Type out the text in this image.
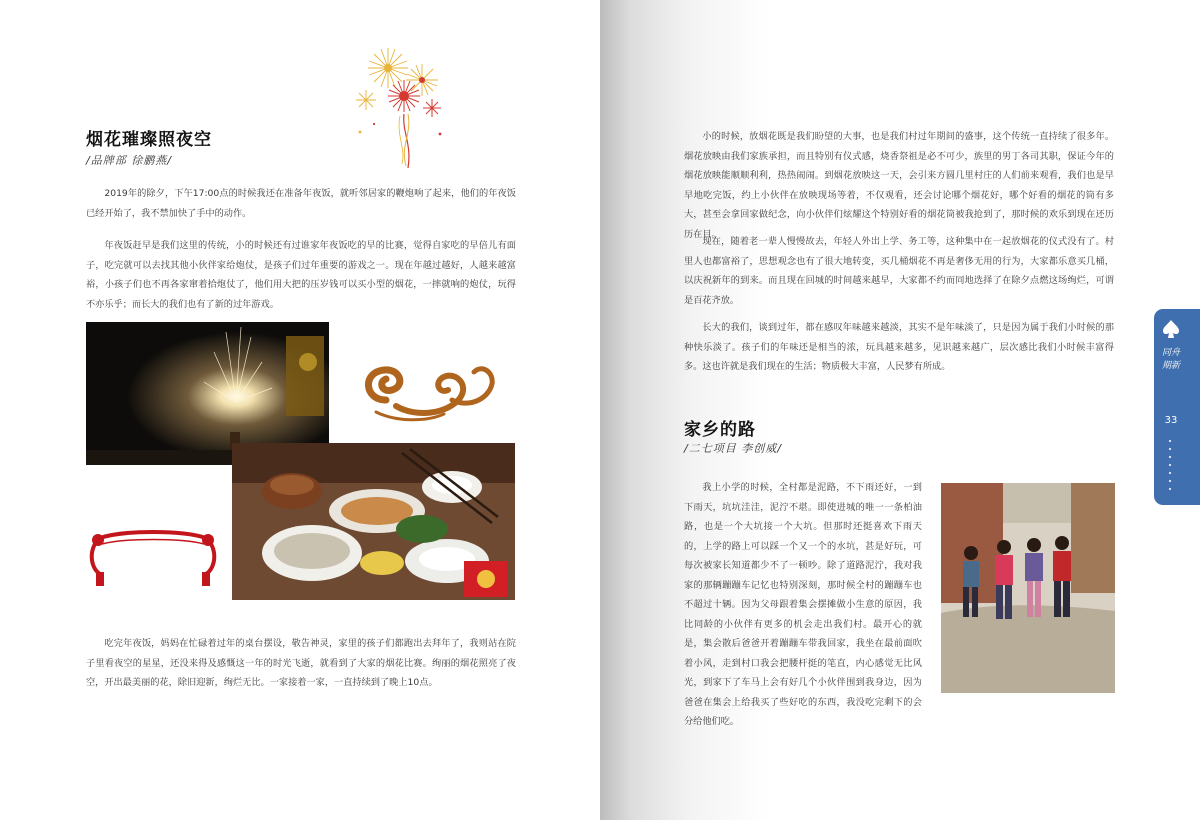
烟花璀璨照夜空

/品牌部 徐鹏燕/

2019年的除夕，下午17:00点的时候我还在准备年夜饭，就听邻居家的鞭炮响了起来，他们的年夜饭已经开始了，我不禁加快了手中的动作。

年夜饭赶早是我们这里的传统，小的时候还有过谁家年夜饭吃的早的比赛，觉得自家吃的早倍儿有面子，吃完就可以去找其他小伙伴家给炮仗，是孩子们过年重要的游戏之一。现在年越过越好，人越来越富裕，小孩子们也不再各家窜着拾炮仗了，他们用大把的压岁钱可以买小型的烟花，一摔就响的炮仗，玩得不亦乐乎；而长大的我们也有了新的过年游戏。

吃完年夜饭，妈妈在忙碌着过年的桌台摆设，敬告神灵，家里的孩子们都跑出去拜年了，我则站在院子里看夜空的星星，还没来得及感慨这一年的时光飞逝，就看到了大家的烟花比赛。绚丽的烟花照亮了夜空，开出最美丽的花，除旧迎新，绚烂无比。一家接着一家，一直持续到了晚上10点。

小的时候，放烟花既是我们盼望的大事，也是我们村过年期间的盛事，这个传统一直持续了很多年。烟花放映由我们家族承担，而且特别有仪式感，烧香祭祖是必不可少，族里的男丁各司其职，保证今年的烟花放映能顺顺利利，热热闹闹。到烟花放映这一天，会引来方圆几里村庄的人们前来观看，我们也是早早地吃完饭，约上小伙伴在放映现场等着，不仅观看，还会讨论哪个烟花好，哪个好看的烟花的筒有多大，甚至会拿回家做纪念，向小伙伴们炫耀这个特别好看的烟花筒被我抢到了，那时候的欢乐到现在还历历在目。

现在，随着老一辈人慢慢故去，年轻人外出上学、务工等，这种集中在一起放烟花的仪式没有了。村里人也都富裕了，思想观念也有了很大地转变，买几桶烟花不再是奢侈无用的行为，大家都乐意买几桶，以庆祝新年的到来。而且现在回城的时间越来越早，大家都不约而同地选择了在除夕点燃这场绚烂，可谓是百花齐放。

长大的我们，谈到过年，都在感叹年味越来越淡，其实不是年味淡了，只是因为属于我们小时候的那种快乐淡了。孩子们的年味还是相当的浓，玩具越来越多，见识越来越广，层次感比我们小时候丰富得多。这也许就是我们现在的生活；物质极大丰富，人民梦有所成。

家乡的路

/二七项目 李创威/

我上小学的时候，全村都是泥路，不下雨还好，一到下雨天，坑坑洼洼，泥泞不堪。即使进城的唯一一条柏油路，也是一个大坑接一个大坑。但那时还挺喜欢下雨天的，上学的路上可以踩一个又一个的水坑，甚是好玩，可每次被家长知道都少不了一顿吵。除了道路泥泞，我对我家的那辆蹦蹦车记忆也特别深刻，那时候全村的蹦蹦车也不超过十辆。因为父母跟着集会摆摊做小生意的原因，我比同龄的小伙伴有更多的机会走出我们村。最开心的就是，集会散后爸爸开着蹦蹦车带我回家，我坐在最前面吹着小风，走到村口我会把腰杆挺的笔直，内心感觉无比风光，到家下了车马上会有好几个小伙伴围到我身边，因为爸爸在集会上给我买了些好吃的东西，我没吃完剩下的会分给他们吃。

同舟期新
33
